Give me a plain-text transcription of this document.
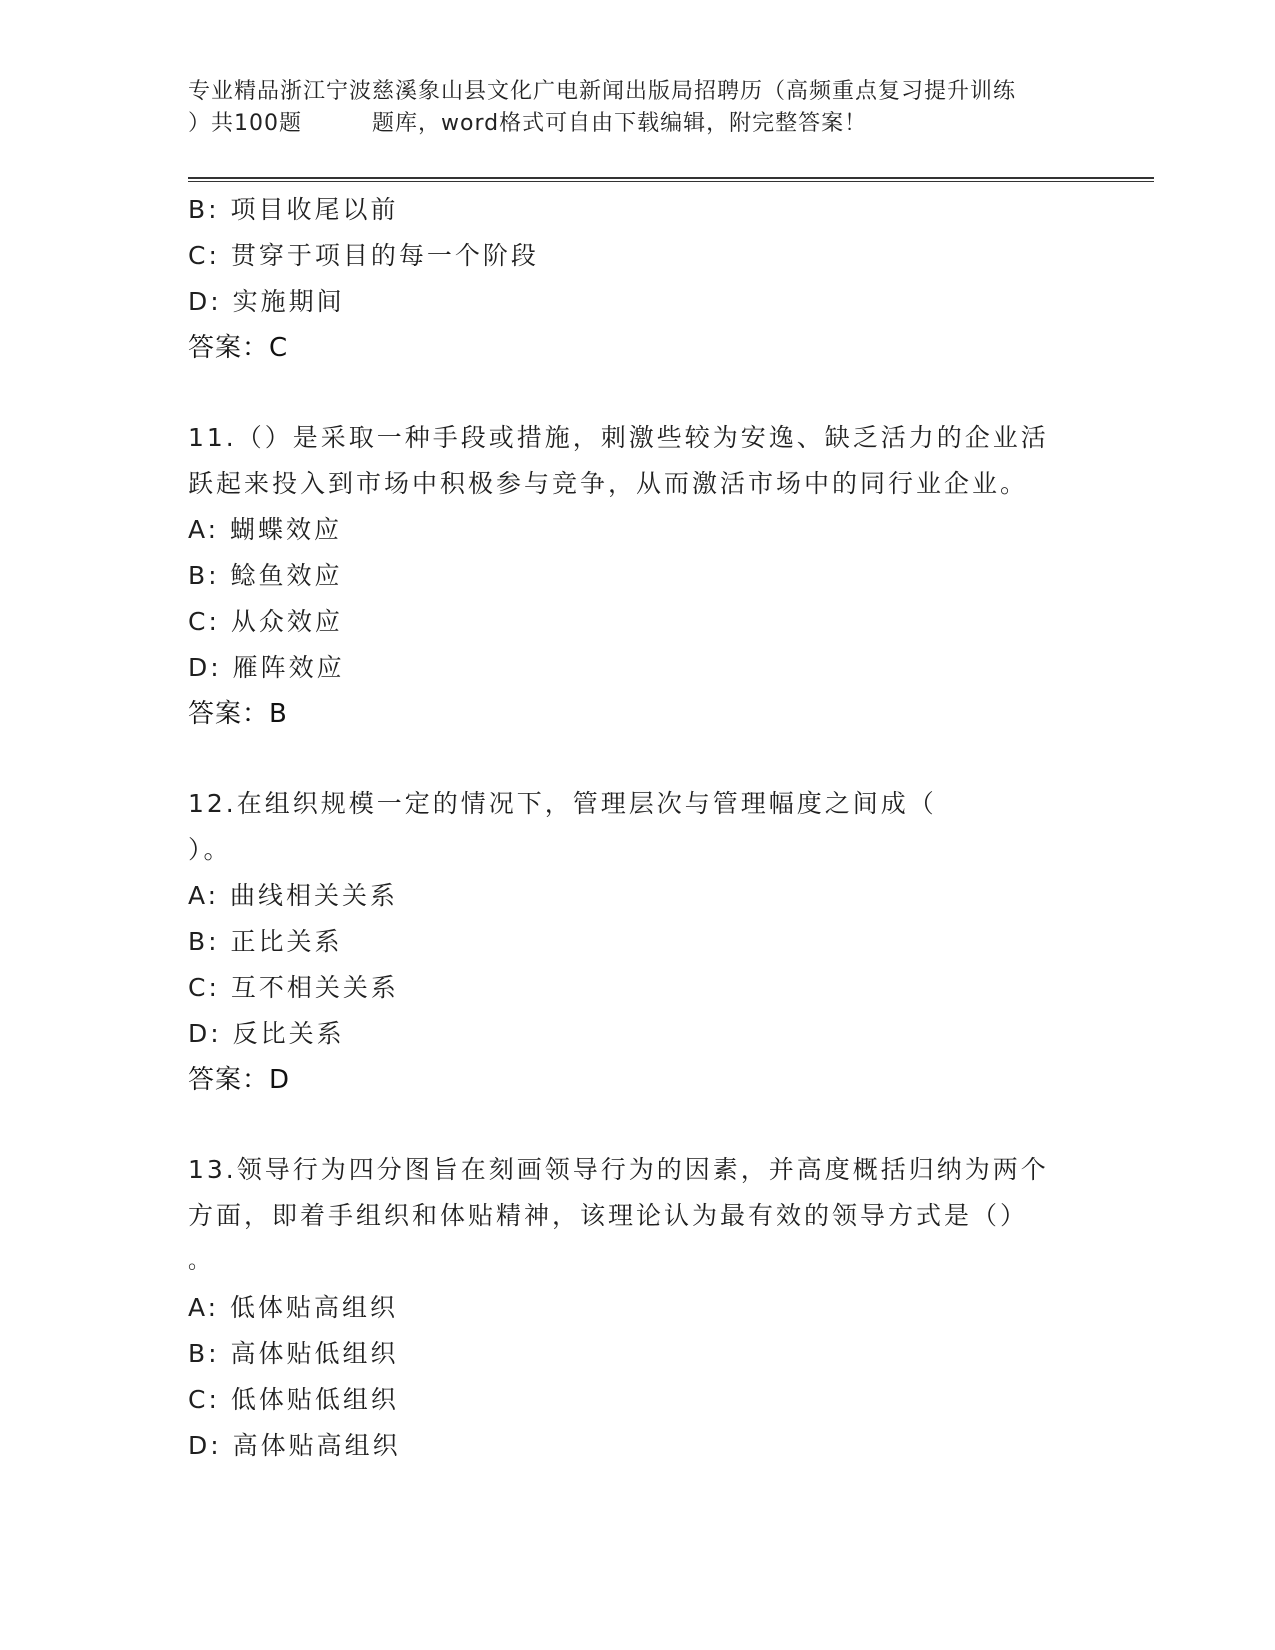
专业精品浙江宁波慈溪象山县文化广电新闻出版局招聘历（高频重点复习提升训练
）共100题	题库，word格式可自由下载编辑，附完整答案！
B: 项目收尾以前
C: 贯穿于项目的每一个阶段
D: 实施期间
答案：C
11.（）是采取一种手段或措施，刺激些较为安逸、缺乏活力的企业活
跃起来投入到市场中积极参与竞争，从而激活市场中的同行业企业。
A: 蝴蝶效应
B: 鲶鱼效应
C: 从众效应
D: 雁阵效应
答案：B
12.在组织规模一定的情况下，管理层次与管理幅度之间成（
）。
A: 曲线相关关系
B: 正比关系
C: 互不相关关系
D: 反比关系
答案：D
13.领导行为四分图旨在刻画领导行为的因素，并高度概括归纳为两个
方面，即着手组织和体贴精神，该理论认为最有效的领导方式是（）
。
A: 低体贴高组织
B: 高体贴低组织
C: 低体贴低组织
D: 高体贴高组织
